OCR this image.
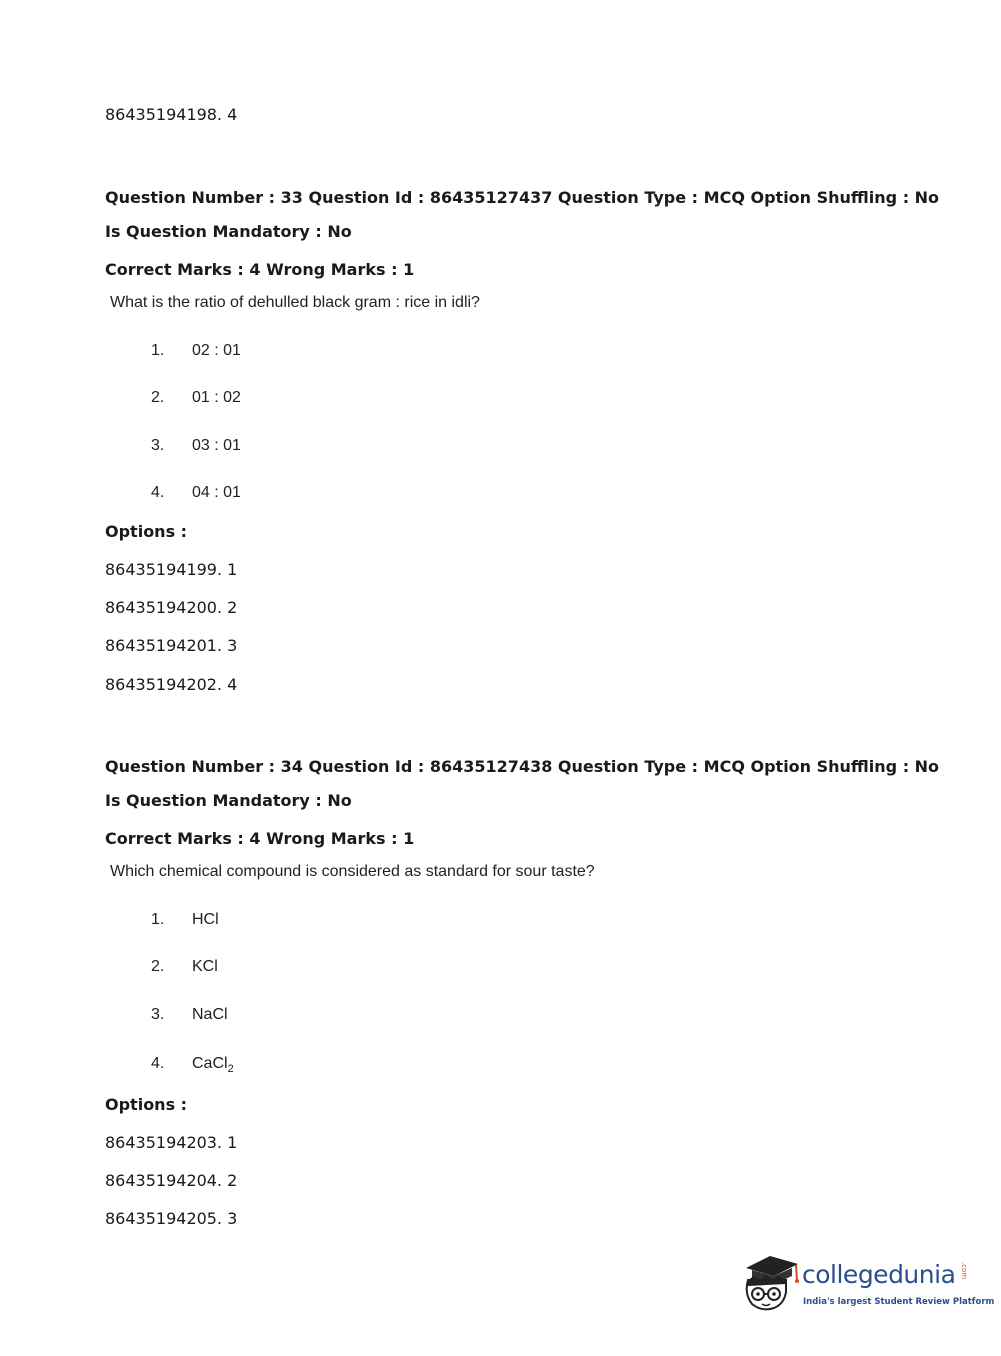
86435194198. 4
Question Number : 33 Question Id : 86435127437 Question Type : MCQ Option Shuffling : No
Is Question Mandatory : No
Correct Marks : 4 Wrong Marks : 1
What is the ratio of dehulled black gram : rice in idli?
1. 02 : 01
2. 01 : 02
3. 03 : 01
4. 04 : 01
Options :
86435194199. 1
86435194200. 2
86435194201. 3
86435194202. 4
Question Number : 34 Question Id : 86435127438 Question Type : MCQ Option Shuffling : No
Is Question Mandatory : No
Correct Marks : 4 Wrong Marks : 1
Which chemical compound is considered as standard for sour taste?
1. HCl
2. KCl
3. NaCl
4. CaCl$_2$
Options :
86435194203. 1
86435194204. 2
86435194205. 3
collegedunia .com
India's largest Student Review Platform
